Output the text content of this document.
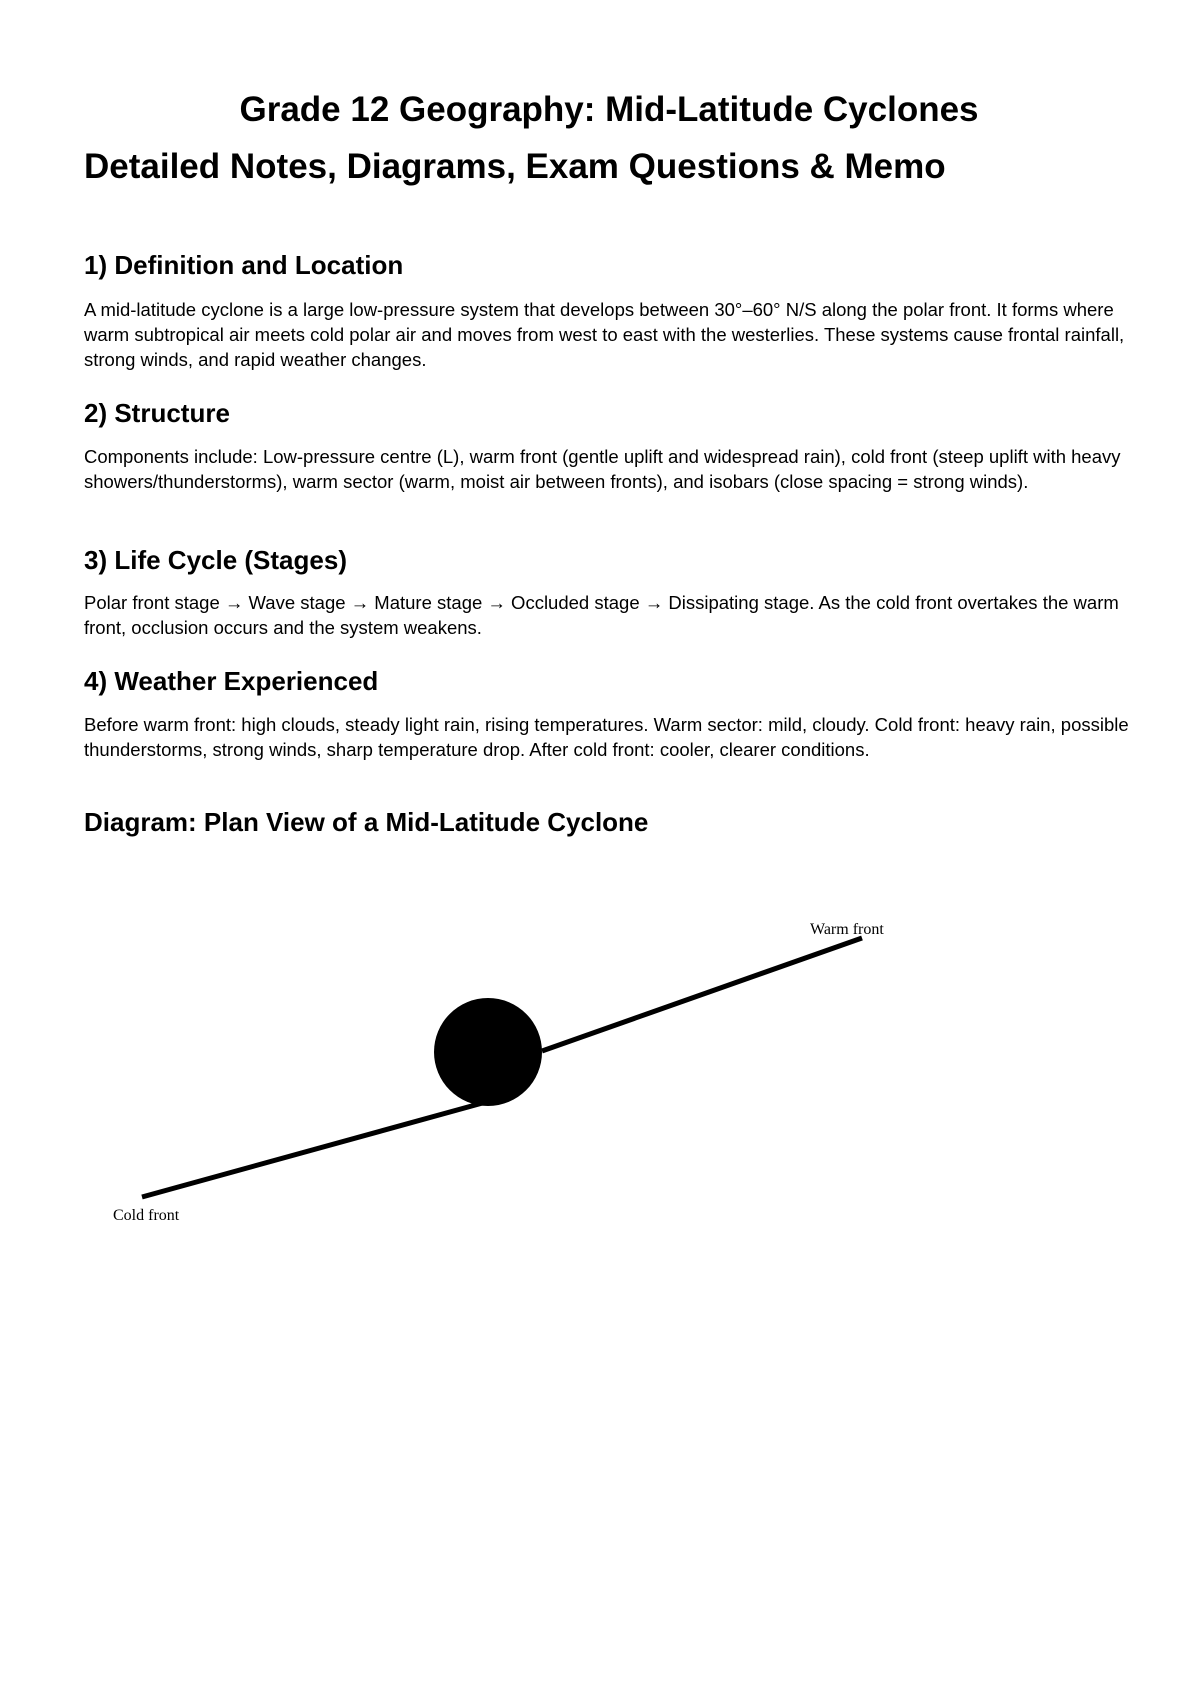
Grade 12 Geography: Mid-Latitude Cyclones
Detailed Notes, Diagrams, Exam Questions & Memo
1) Definition and Location

A mid-latitude cyclone is a large low-pressure system that develops between 30°–60° N/S along the polar front. It forms where warm subtropical air meets cold polar air and moves from west to east with the westerlies. These systems cause frontal rainfall, strong winds, and rapid weather changes.

2) Structure

Components include: Low-pressure centre (L), warm front (gentle uplift and widespread rain), cold front (steep uplift with heavy showers/thunderstorms), warm sector (warm, moist air between fronts), and isobars (close spacing = strong winds).

3) Life Cycle (Stages)

Polar front stage → Wave stage → Mature stage → Occluded stage → Dissipating stage. As the cold front overtakes the warm front, occlusion occurs and the system weakens.

4) Weather Experienced

Before warm front: high clouds, steady light rain, rising temperatures. Warm sector: mild, cloudy. Cold front: heavy rain, possible thunderstorms, strong winds, sharp temperature drop. After cold front: cooler, clearer conditions.

Diagram: Plan View of a Mid-Latitude Cyclone
Warm front
Cold front
